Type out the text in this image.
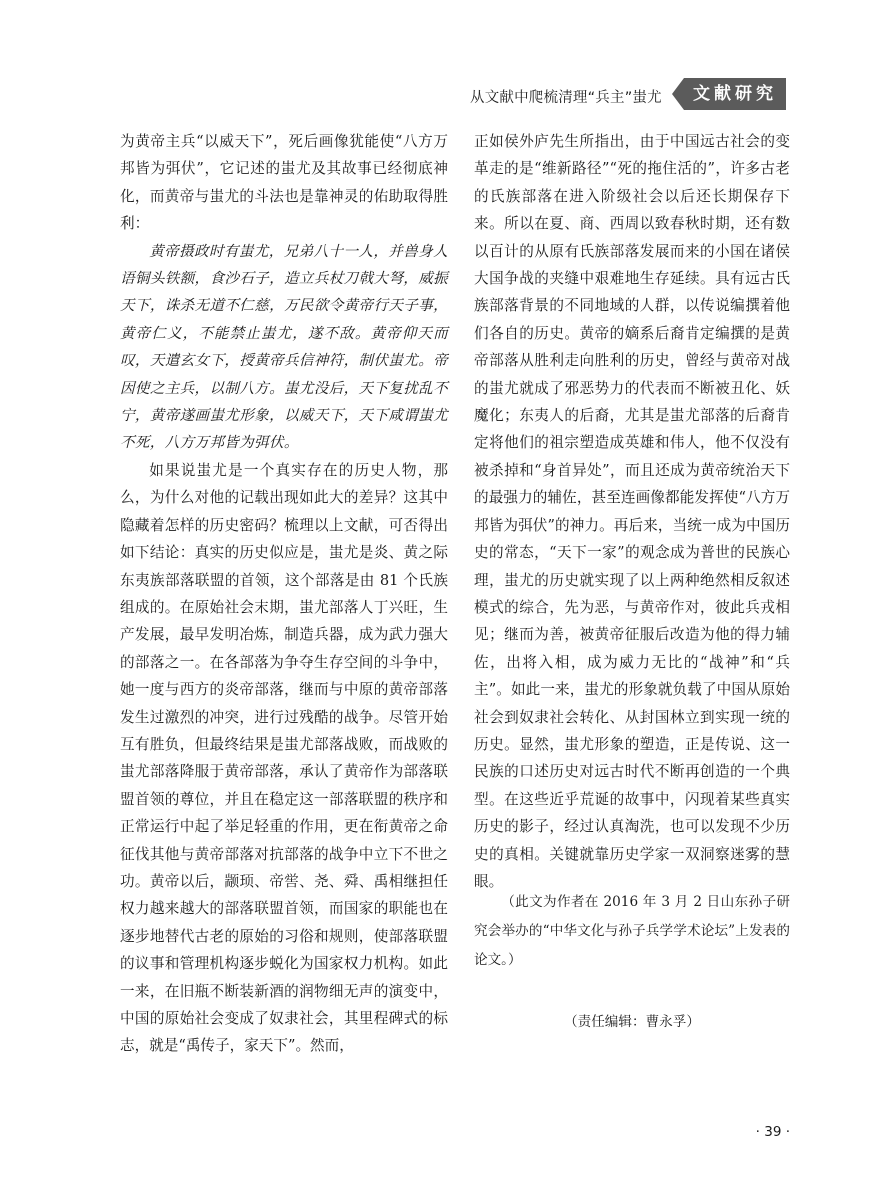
从文献中爬梳清理“兵主”蚩尤	文献研究

为黄帝主兵“以威天下”，死后画像犹能使“八方万邦皆为弭伏”，它记述的蚩尤及其故事已经彻底神化，而黄帝与蚩尤的斗法也是靠神灵的佑助取得胜利：

黄帝摄政时有蚩尤，兄弟八十一人，并兽身人语铜头铁额，食沙石子，造立兵杖刀戟大弩，威振天下，诛杀无道不仁慈，万民欲令黄帝行天子事，黄帝仁义，不能禁止蚩尤，遂不敌。黄帝仰天而叹，天遣玄女下，授黄帝兵信神符，制伏蚩尤。帝因使之主兵，以制八方。蚩尤没后，天下复扰乱不宁，黄帝遂画蚩尤形象，以威天下，天下咸谓蚩尤不死，八方万邦皆为弭伏。

如果说蚩尤是一个真实存在的历史人物，那么，为什么对他的记载出现如此大的差异？这其中隐藏着怎样的历史密码？梳理以上文献，可否得出如下结论：真实的历史似应是，蚩尤是炎、黄之际东夷族部落联盟的首领，这个部落是由 81 个氏族组成的。在原始社会末期，蚩尤部落人丁兴旺，生产发展，最早发明冶炼，制造兵器，成为武力强大的部落之一。在各部落为争夺生存空间的斗争中，她一度与西方的炎帝部落，继而与中原的黄帝部落发生过激烈的冲突，进行过残酷的战争。尽管开始互有胜负，但最终结果是蚩尤部落战败，而战败的蚩尤部落降服于黄帝部落，承认了黄帝作为部落联盟首领的尊位，并且在稳定这一部落联盟的秩序和正常运行中起了举足轻重的作用，更在衔黄帝之命征伐其他与黄帝部落对抗部落的战争中立下不世之功。黄帝以后，颛顼、帝喾、尧、舜、禹相继担任权力越来越大的部落联盟首领，而国家的职能也在逐步地替代古老的原始的习俗和规则，使部落联盟的议事和管理机构逐步蜕化为国家权力机构。如此一来，在旧瓶不断装新酒的润物细无声的演变中，中国的原始社会变成了奴隶社会，其里程碑式的标志，就是“禹传子，家天下”。然而，

正如侯外庐先生所指出，由于中国远古社会的变革走的是“维新路径”“死的拖住活的”，许多古老的氏族部落在进入阶级社会以后还长期保存下来。所以在夏、商、西周以致春秋时期，还有数以百计的从原有氏族部落发展而来的小国在诸侯大国争战的夹缝中艰难地生存延续。具有远古氏族部落背景的不同地域的人群，以传说编撰着他们各自的历史。黄帝的嫡系后裔肯定编撰的是黄帝部落从胜利走向胜利的历史，曾经与黄帝对战的蚩尤就成了邪恶势力的代表而不断被丑化、妖魔化；东夷人的后裔，尤其是蚩尤部落的后裔肯定将他们的祖宗塑造成英雄和伟人，他不仅没有被杀掉和“身首异处”，而且还成为黄帝统治天下的最强力的辅佐，甚至连画像都能发挥使“八方万邦皆为弭伏”的神力。再后来，当统一成为中国历史的常态，“天下一家”的观念成为普世的民族心理，蚩尤的历史就实现了以上两种绝然相反叙述模式的综合，先为恶，与黄帝作对，彼此兵戎相见；继而为善，被黄帝征服后改造为他的得力辅佐，出将入相，成为威力无比的“战神”和“兵主”。如此一来，蚩尤的形象就负载了中国从原始社会到奴隶社会转化、从封国林立到实现一统的历史。显然，蚩尤形象的塑造，正是传说、这一民族的口述历史对远古时代不断再创造的一个典型。在这些近乎荒诞的故事中，闪现着某些真实历史的影子，经过认真淘洗，也可以发现不少历史的真相。关键就靠历史学家一双洞察迷雾的慧眼。

（此文为作者在 2016 年 3 月 2 日山东孙子研究会举办的“中华文化与孙子兵学学术论坛”上发表的论文。）

（责任编辑：曹永孚）
· 39 ·
